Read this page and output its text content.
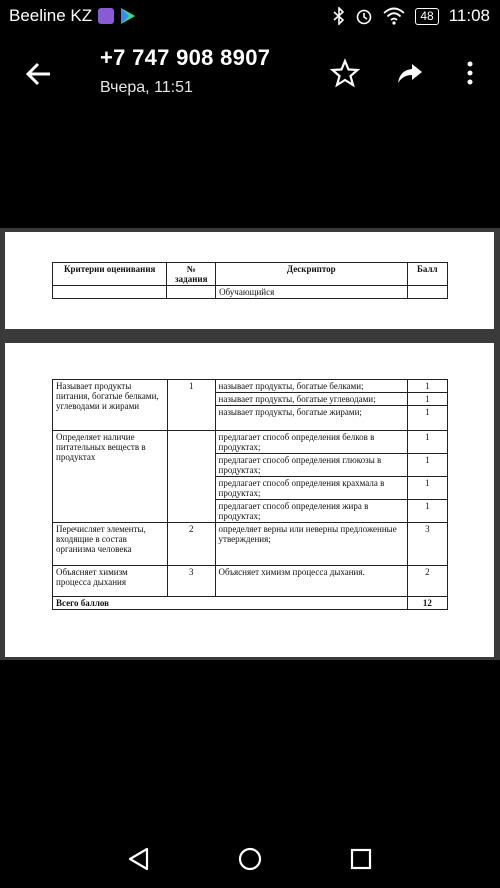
Beeline KZ	48 11:08
+7 747 908 8907
Вчера, 11:51
Критерии оценивания	№ задания	Дескриптор	Балл
		Обучающийся	
Называет продукты питания, богатые белками, углеводами и жирами	1	называет продукты, богатые белками;	1
		называет продукты, богатые углеводами;	1
		называет продукты, богатые жирами;	1
Определяет наличие питательных веществ в продуктах		предлагает способ определения белков в продуктах;	1
		предлагает способ определения глюкозы в продуктах;	1
		предлагает способ определения крахмала в продуктах;	1
		предлагает способ определения жира в продуктах;	1
Перечисляет элементы, входящие в состав организма человека	2	определяет верны или неверны предложенные утверждения;	3
Объясняет химизм процесса дыхания	3	Объясняет химизм процесса дыхания.	2
Всего баллов			12
